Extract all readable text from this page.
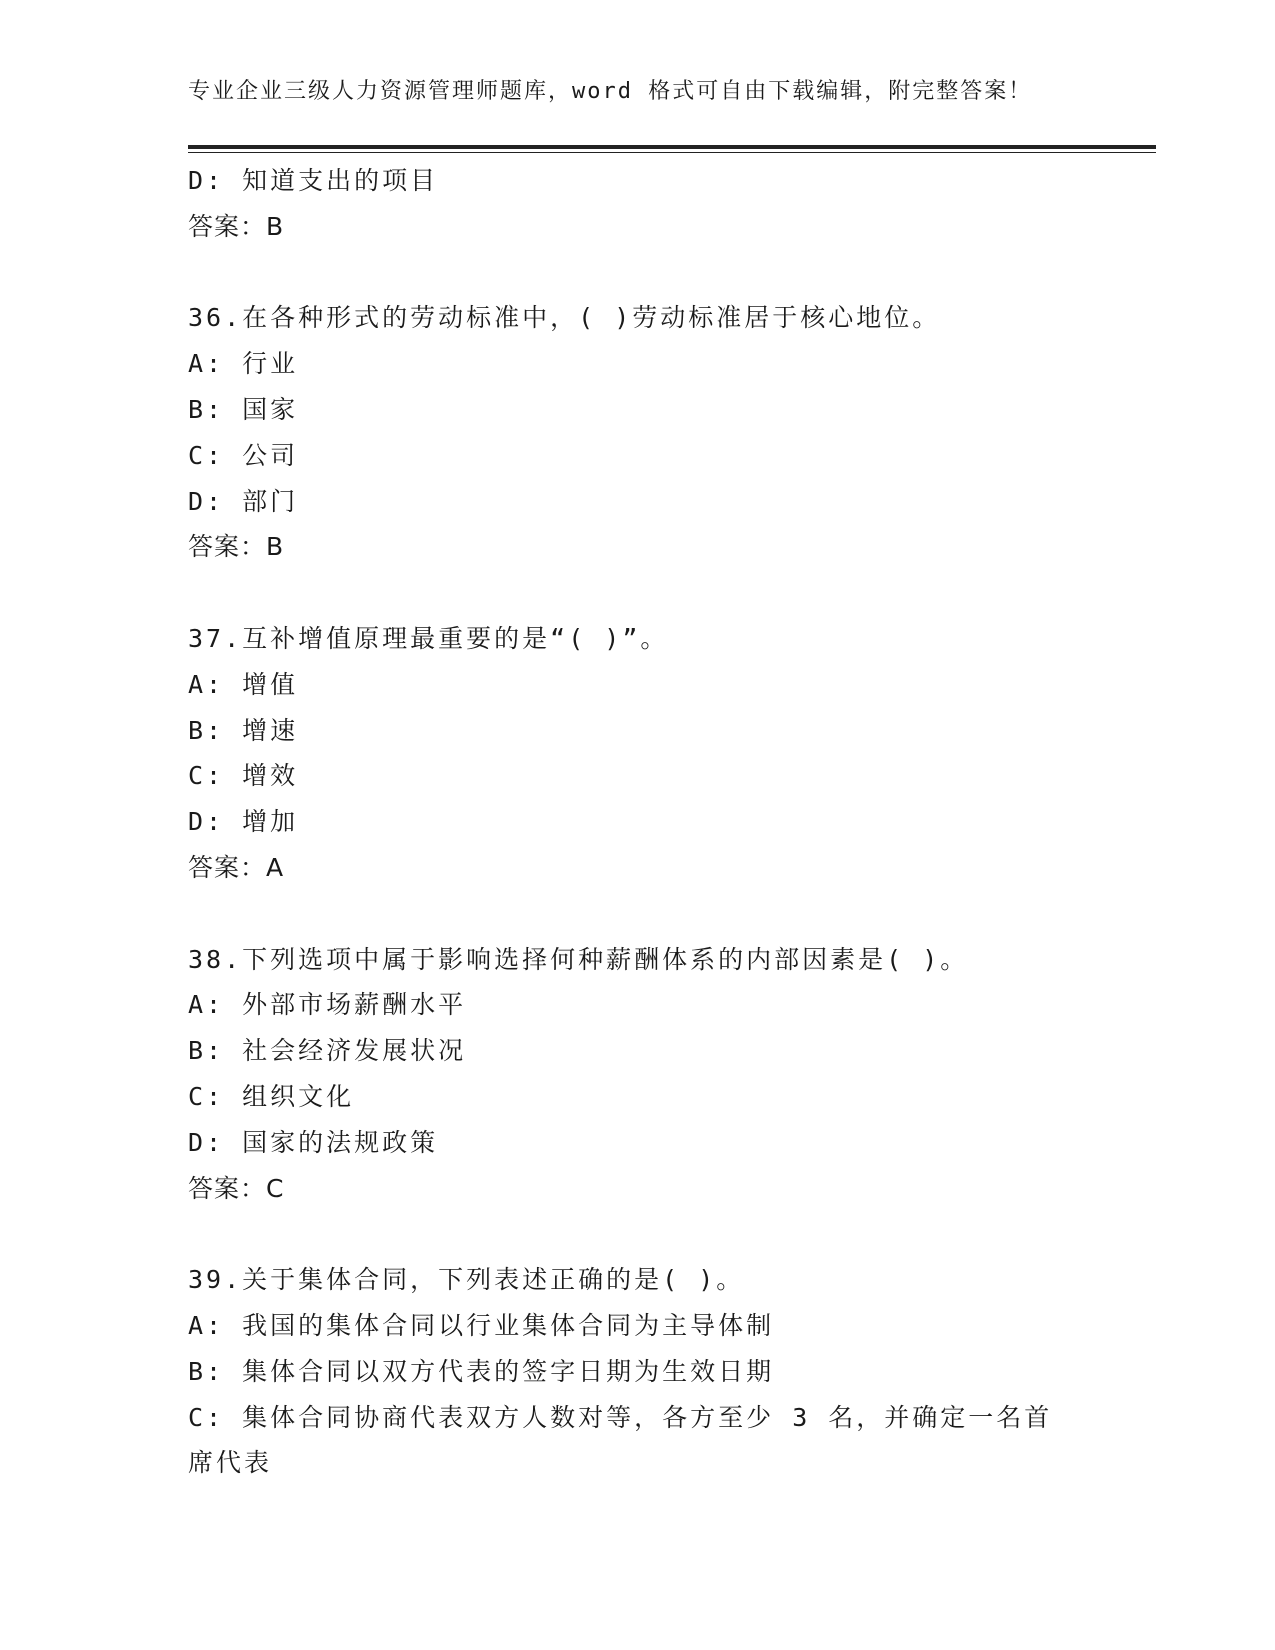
专业企业三级人力资源管理师题库，word 格式可自由下载编辑，附完整答案！
D: 知道支出的项目
答案：B
36.在各种形式的劳动标准中，( )劳动标准居于核心地位。
A: 行业
B: 国家
C: 公司
D: 部门
答案：B
37.互补增值原理最重要的是“( )”。
A: 增值
B: 增速
C: 增效
D: 增加
答案：A
38.下列选项中属于影响选择何种薪酬体系的内部因素是( )。
A: 外部市场薪酬水平
B: 社会经济发展状况
C: 组织文化
D: 国家的法规政策
答案：C
39.关于集体合同，下列表述正确的是( )。
A: 我国的集体合同以行业集体合同为主导体制
B: 集体合同以双方代表的签字日期为生效日期
C: 集体合同协商代表双方人数对等，各方至少 3 名，并确定一名首席代表
